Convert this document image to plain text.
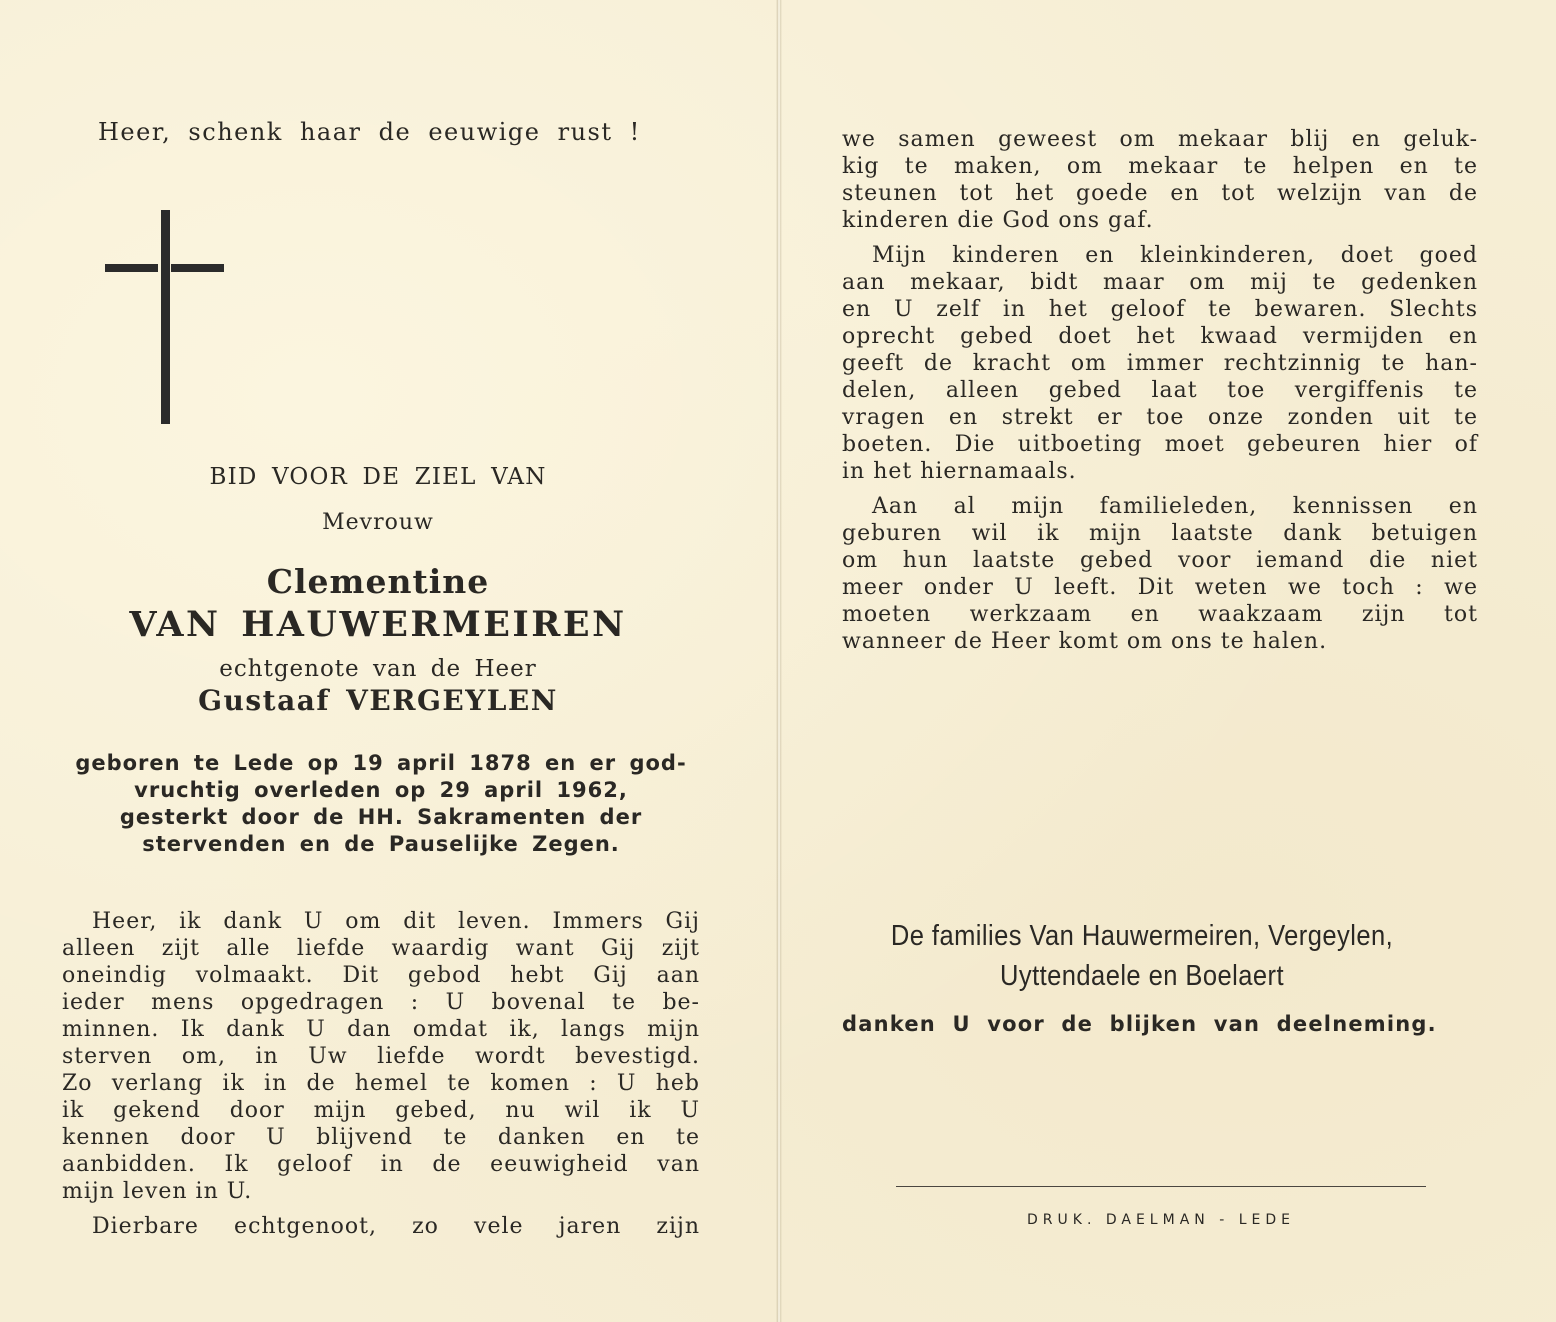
Heer, schenk haar de eeuwige rust !
BID VOOR DE ZIEL VAN
Mevrouw
Clementine
VAN HAUWERMEIREN
echtgenote van de Heer
Gustaaf VERGEYLEN
geboren te Lede op 19 april 1878 en er god-
vruchtig overleden op 29 april 1962,
gesterkt door de HH. Sakramenten der
stervenden en de Pauselijke Zegen.
Heer, ik dank U om dit leven. Immers Gij
alleen zijt alle liefde waardig want Gij zijt
oneindig volmaakt. Dit gebod hebt Gij aan
ieder mens opgedragen : U bovenal te be-
minnen. Ik dank U dan omdat ik, langs mijn
sterven om, in Uw liefde wordt bevestigd.
Zo verlang ik in de hemel te komen : U heb
ik gekend door mijn gebed, nu wil ik U
kennen door U blijvend te danken en te
aanbidden. Ik geloof in de eeuwigheid van
mijn leven in U.
Dierbare echtgenoot, zo vele jaren zijn
we samen geweest om mekaar blij en geluk-
kig te maken, om mekaar te helpen en te
steunen tot het goede en tot welzijn van de
kinderen die God ons gaf.
Mijn kinderen en kleinkinderen, doet goed
aan mekaar, bidt maar om mij te gedenken
en U zelf in het geloof te bewaren. Slechts
oprecht gebed doet het kwaad vermijden en
geeft de kracht om immer rechtzinnig te han-
delen, alleen gebed laat toe vergiffenis te
vragen en strekt er toe onze zonden uit te
boeten. Die uitboeting moet gebeuren hier of
in het hiernamaals.
Aan al mijn familieleden, kennissen en
geburen wil ik mijn laatste dank betuigen
om hun laatste gebed voor iemand die niet
meer onder U leeft. Dit weten we toch : we
moeten werkzaam en waakzaam zijn tot
wanneer de Heer komt om ons te halen.
De families Van Hauwermeiren, Vergeylen,
Uyttendaele en Boelaert
danken U voor de blijken van deelneming.
DRUK. DAELMAN - LEDE
